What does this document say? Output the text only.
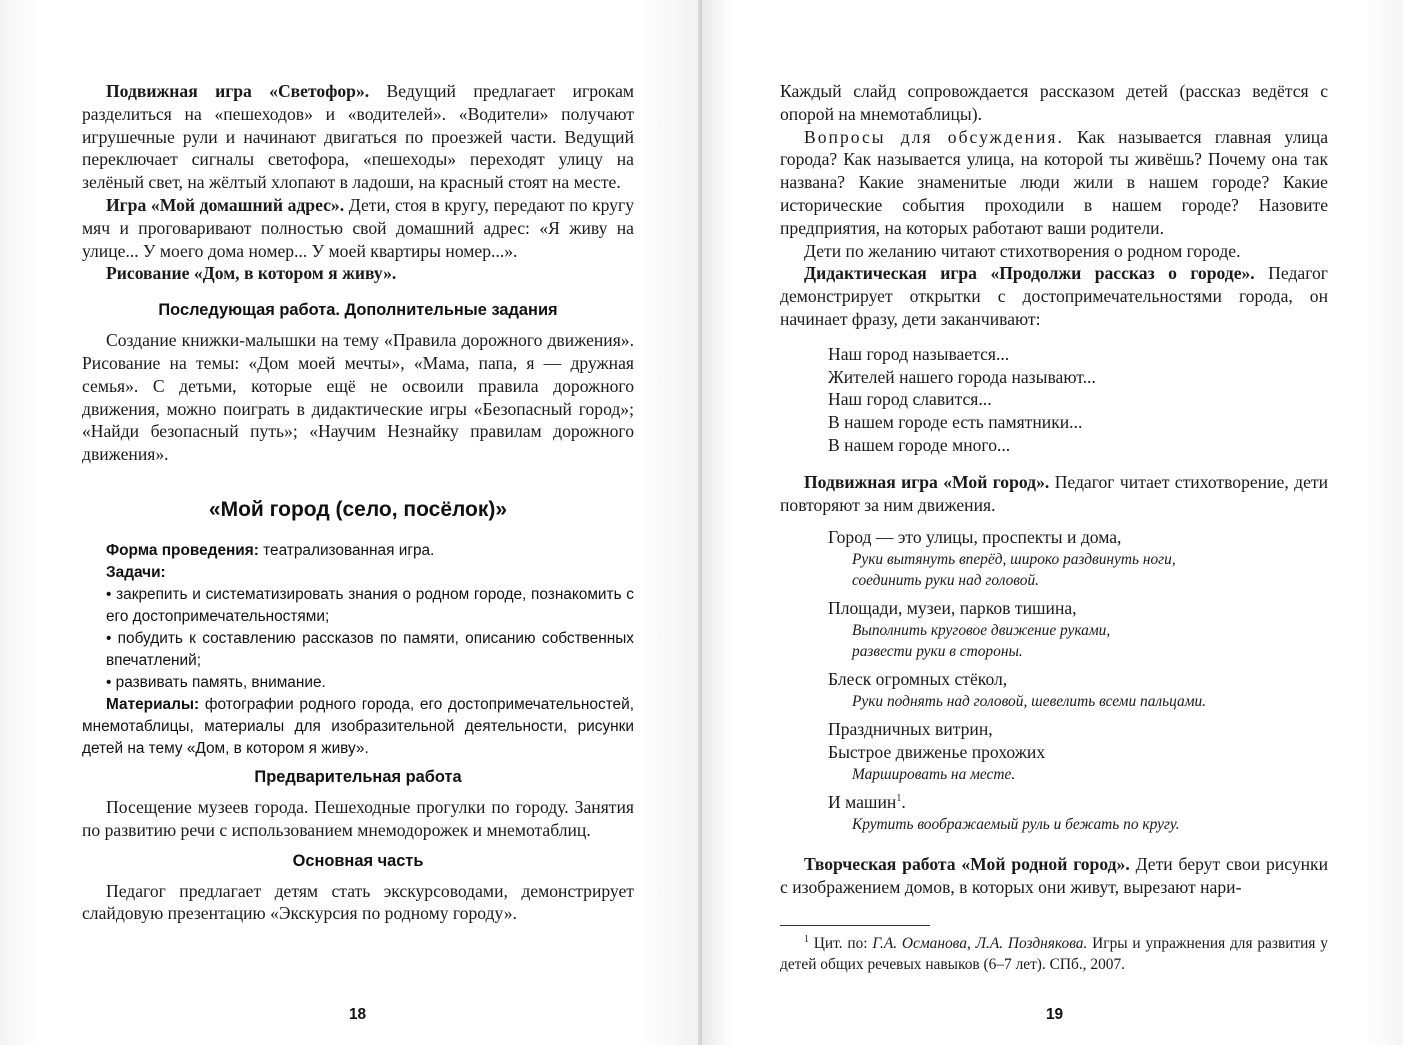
Подвижная игра «Светофор». Ведущий предлагает игрокам разделиться на «пешеходов» и «водителей». «Водители» получают игрушечные рули и начинают двигаться по проезжей части. Ведущий переключает сигналы светофора, «пешеходы» переходят улицу на зелёный свет, на жёлтый хлопают в ладоши, на красный стоят на месте.

Игра «Мой домашний адрес». Дети, стоя в кругу, передают по кругу мяч и проговаривают полностью свой домашний адрес: «Я живу на улице... У моего дома номер... У моей квартиры номер...».

Рисование «Дом, в котором я живу».

Последующая работа. Дополнительные задания

Создание книжки-малышки на тему «Правила дорожного движения». Рисование на темы: «Дом моей мечты», «Мама, папа, я — дружная семья». С детьми, которые ещё не освоили правила дорожного движения, можно поиграть в дидактические игры «Безопасный город»; «Найди безопасный путь»; «Научим Незнайку правилам дорожного движения».

«Мой город (село, посёлок)»

Форма проведения: театрализованная игра.

Задачи:

• закрепить и систематизировать знания о родном городе, познакомить с его достопримечательностями;

• побудить к составлению рассказов по памяти, описанию собственных впечатлений;

• развивать память, внимание.

Материалы: фотографии родного города, его достопримечательностей, мнемотаблицы, материалы для изобразительной деятельности, рисунки детей на тему «Дом, в котором я живу».

Предварительная работа

Посещение музеев города. Пешеходные прогулки по городу. Занятия по развитию речи с использованием мнемодорожек и мнемотаблиц.

Основная часть

Педагог предлагает детям стать экскурсоводами, демонстрирует слайдовую презентацию «Экскурсия по родному городу».

18

Каждый слайд сопровождается рассказом детей (рассказ ведётся с опорой на мнемотаблицы).

Вопросы для обсуждения. Как называется главная улица города? Как называется улица, на которой ты живёшь? Почему она так названа? Какие знаменитые люди жили в нашем городе? Какие исторические события проходили в нашем городе? Назовите предприятия, на которых работают ваши родители.

Дети по желанию читают стихотворения о родном городе.

Дидактическая игра «Продолжи рассказ о городе». Педагог демонстрирует открытки с достопримечательностями города, он начинает фразу, дети заканчивают:

Наш город называется...
Жителей нашего города называют...
Наш город славится...
В нашем городе есть памятники...
В нашем городе много...

Подвижная игра «Мой город». Педагог читает стихотворение, дети повторяют за ним движения.

Город — это улицы, проспекты и дома,
Руки вытянуть вперёд, широко раздвинуть ноги,
соединить руки над головой.
Площади, музеи, парков тишина,
Выполнить круговое движение руками,
развести руки в стороны.
Блеск огромных стёкол,
Руки поднять над головой, шевелить всеми пальцами.
Праздничных витрин,
Быстрое движенье прохожих
Маршировать на месте.
И машин$^1$.
Крутить воображаемый руль и бежать по кругу.

Творческая работа «Мой родной город». Дети берут свои рисунки с изображением домов, в которых они живут, вырезают нари-

$^1$ Цит. по: Г.А. Османова, Л.А. Позднякова. Игры и упражнения для развития у детей общих речевых навыков (6–7 лет). СПб., 2007.

19
